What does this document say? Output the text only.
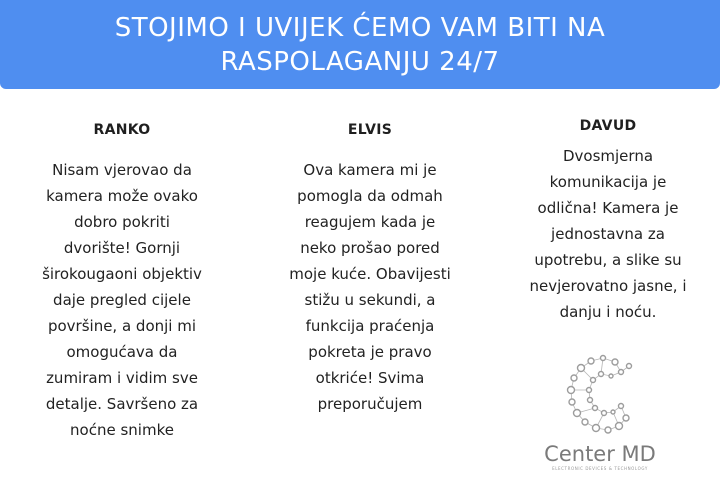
STOJIMO I UVIJEK ĆEMO VAM BITI NA RASPOLAGANJU 24/7
RANKO

Nisam vjerovao da
kamera može ovako
dobro pokriti
dvorište! Gornji
širokougaoni objektiv
daje pregled cijele
površine, a donji mi
omogućava da
zumiram i vidim sve
detalje. Savršeno za
noćne snimke

ELVIS

Ova kamera mi je
pomogla da odmah
reagujem kada je
neko prošao pored
moje kuće. Obavijesti
stižu u sekundi, a
funkcija praćenja
pokreta je pravo
otkriće! Svima
preporučujem

DAVUD

Dvosmjerna
komunikacija je
odlična! Kamera je
jednostavna za
upotrebu, a slike su
nevjerovatno jasne, i
danju i noću.

Center MD
ELECTRONIC DEVICES & TECHNOLOGY
